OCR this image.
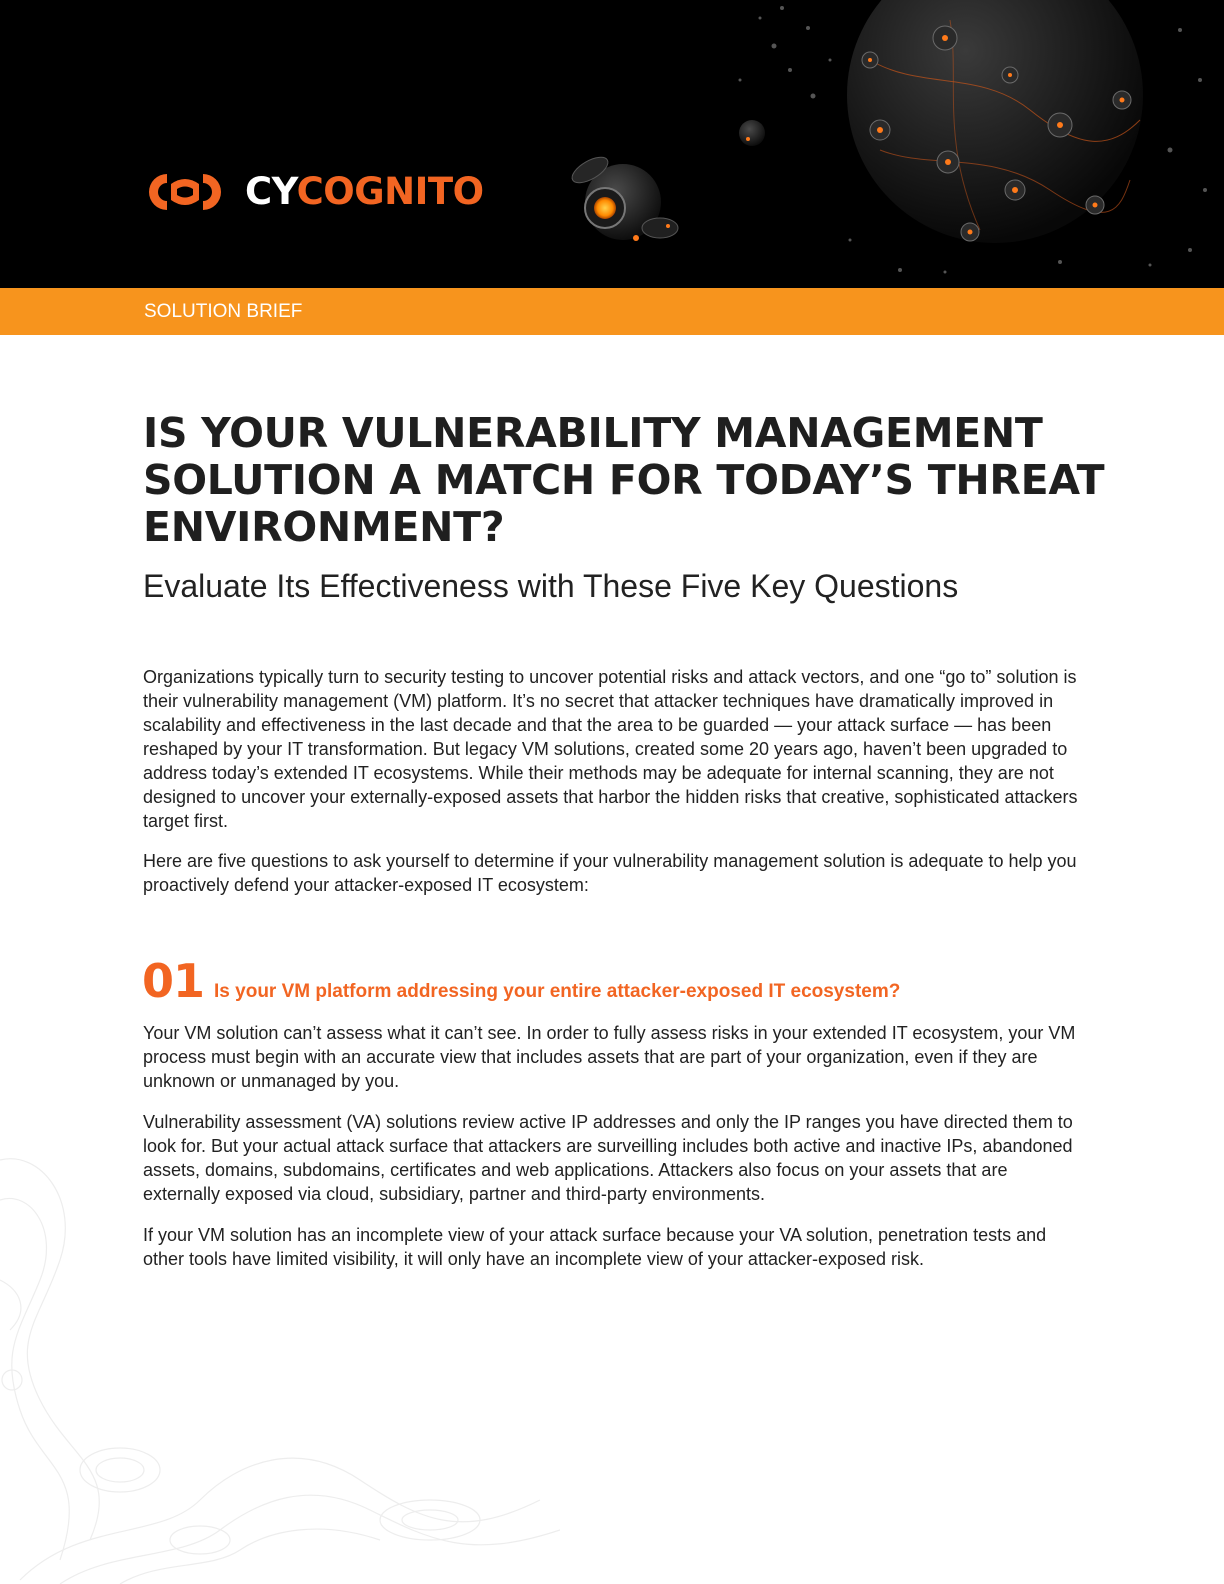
CYCOGNITO
SOLUTION BRIEF
IS YOUR VULNERABILITY MANAGEMENT SOLUTION A MATCH FOR TODAY’S THREAT ENVIRONMENT?
Evaluate Its Effectiveness with These Five Key Questions

Organizations typically turn to security testing to uncover potential risks and attack vectors, and one “go to” solution is their vulnerability management (VM) platform. It’s no secret that attacker techniques have dramatically improved in scalability and effectiveness in the last decade and that the area to be guarded — your attack surface — has been reshaped by your IT transformation. But legacy VM solutions, created some 20 years ago, haven’t been upgraded to address today’s extended IT ecosystems. While their methods may be adequate for internal scanning, they are not designed to uncover your externally-exposed assets that harbor the hidden risks that creative, sophisticated attackers target first.

Here are five questions to ask yourself to determine if your vulnerability management solution is adequate to help you proactively defend your attacker-exposed IT ecosystem:

01 Is your VM platform addressing your entire attacker-exposed IT ecosystem?

Your VM solution can’t assess what it can’t see. In order to fully assess risks in your extended IT ecosystem, your VM process must begin with an accurate view that includes assets that are part of your organization, even if they are unknown or unmanaged by you.

Vulnerability assessment (VA) solutions review active IP addresses and only the IP ranges you have directed them to look for. But your actual attack surface that attackers are surveilling includes both active and inactive IPs, abandoned assets, domains, subdomains, certificates and web applications. Attackers also focus on your assets that are externally exposed via cloud, subsidiary, partner and third-party environments.

If your VM solution has an incomplete view of your attack surface because your VA solution, penetration tests and other tools have limited visibility, it will only have an incomplete view of your attacker-exposed risk.
